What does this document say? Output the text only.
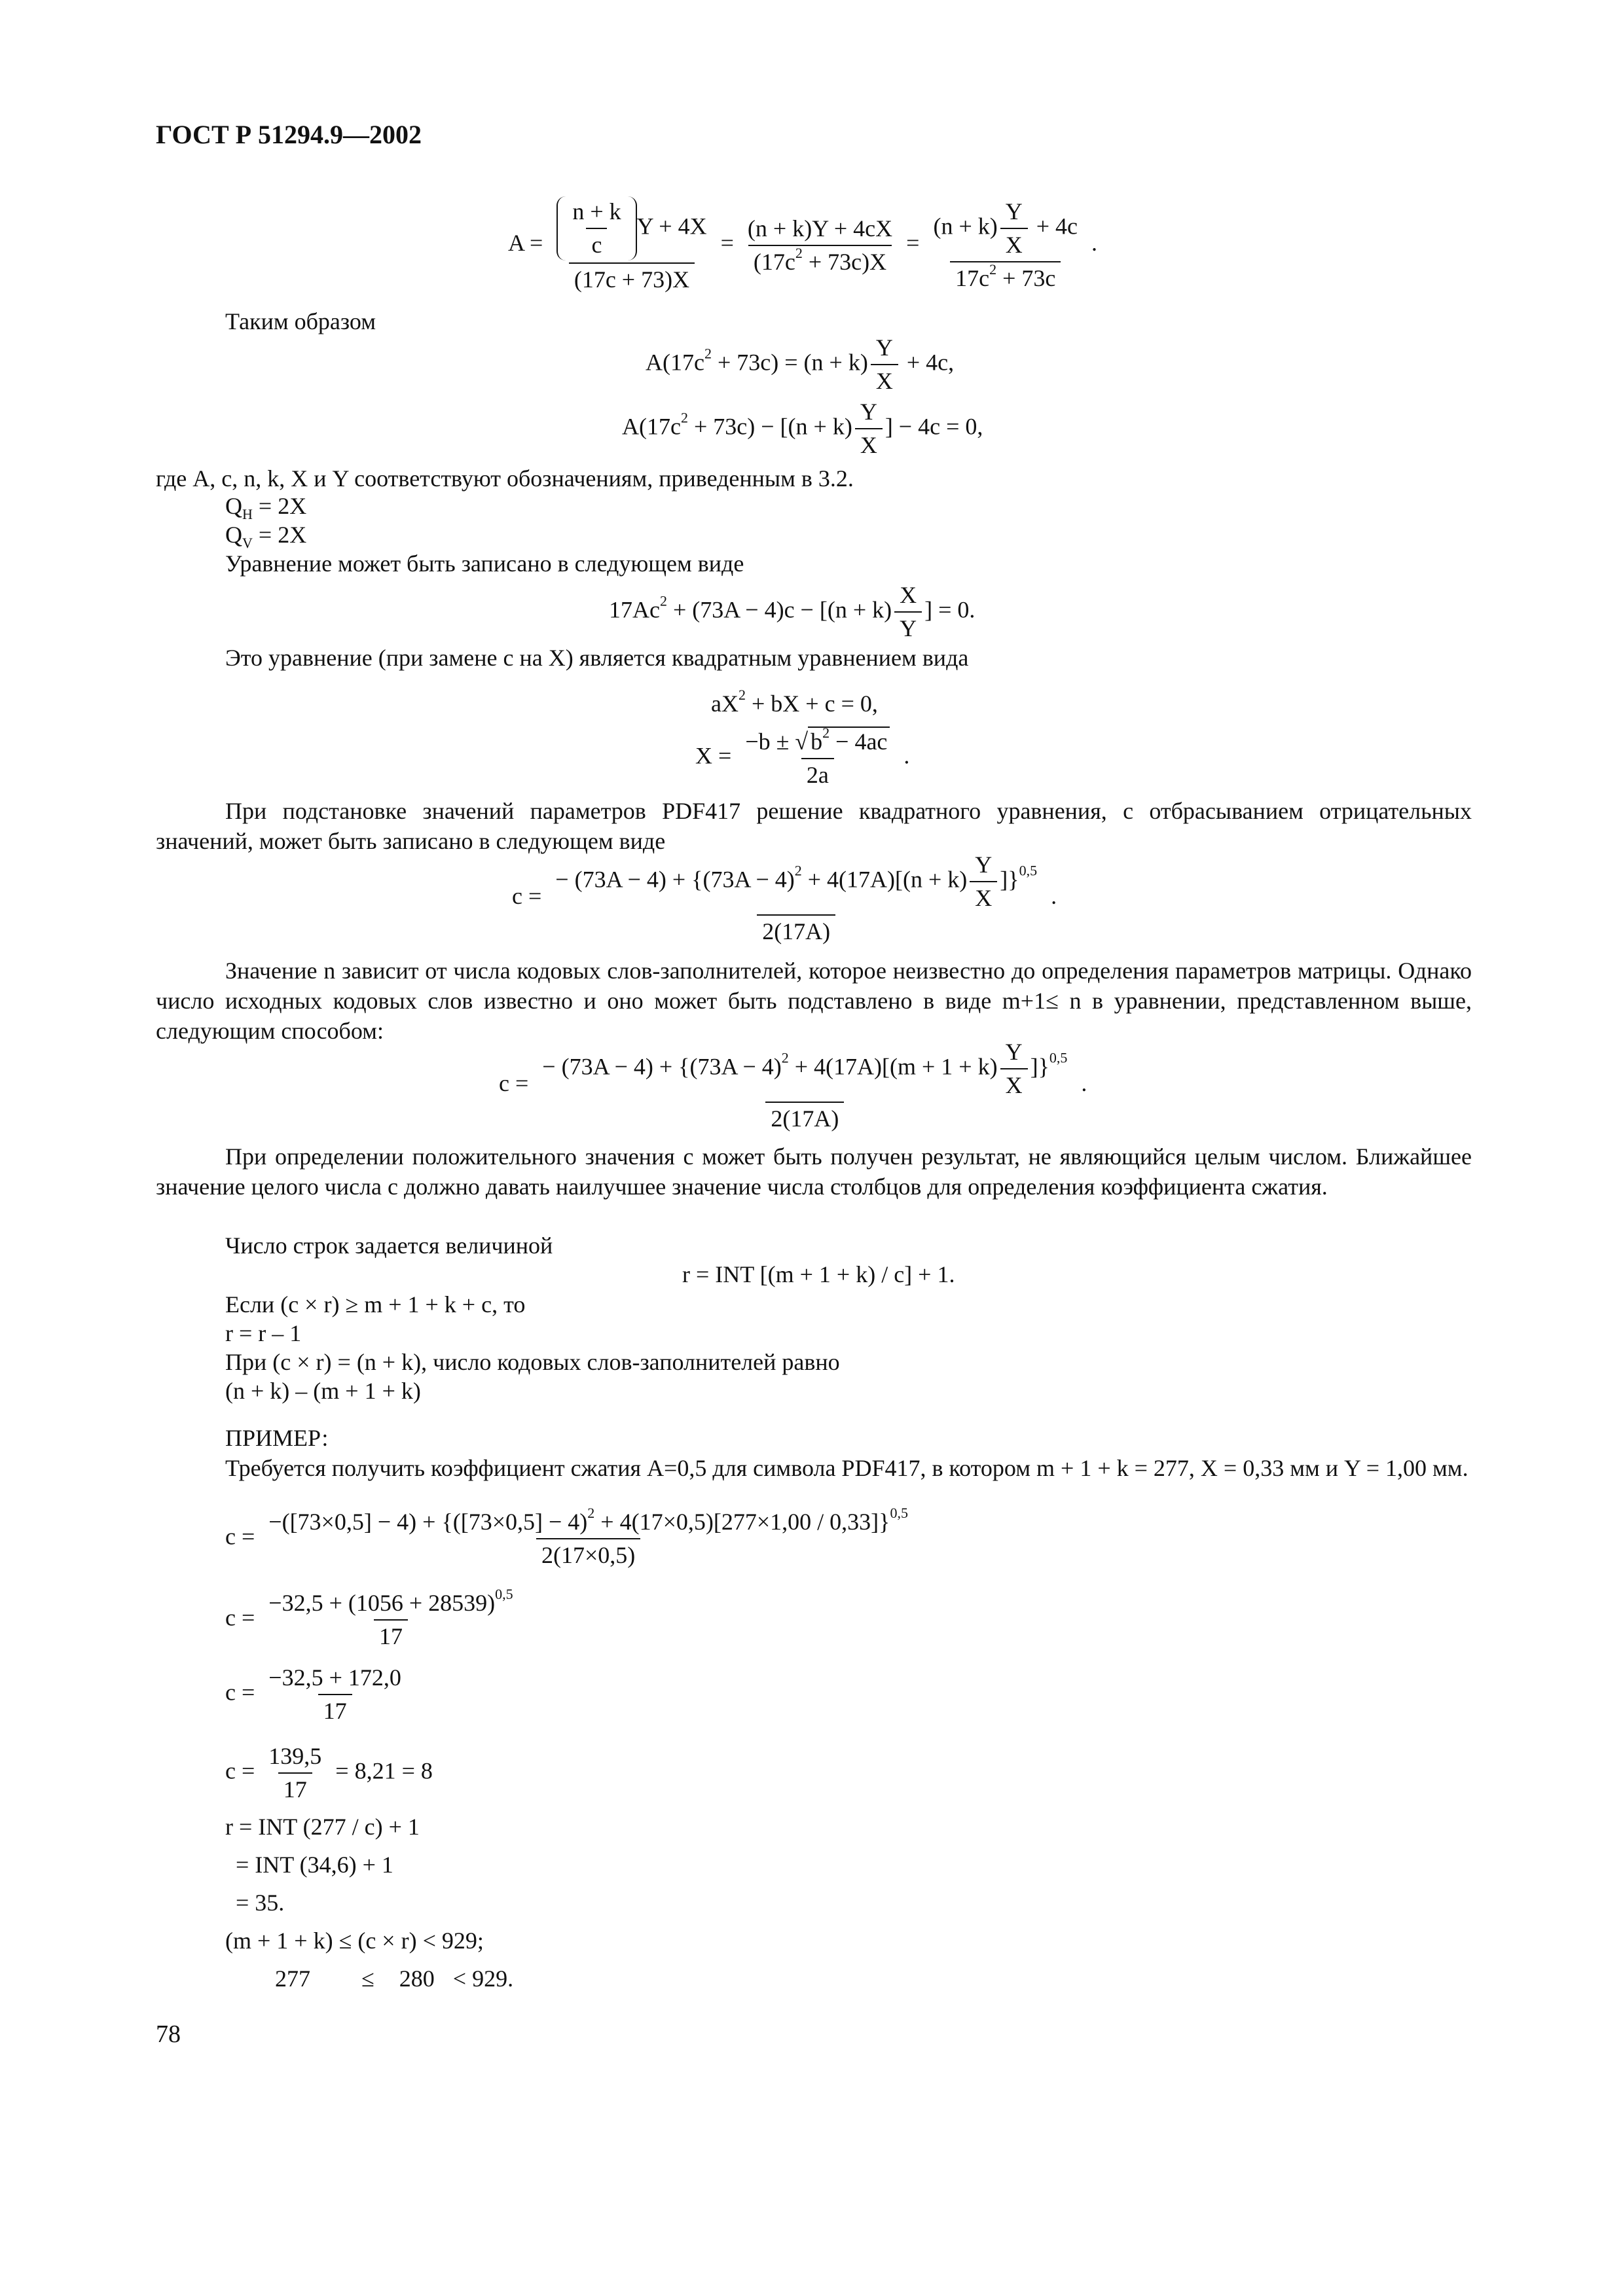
ГОСТ Р 51294.9—2002
$A = \frac{\frac{n + k}{c} Y + 4X}{(17c + 73)X} = \frac{(n + k)Y + 4cX}{(17c^2 + 73c)X} = \frac{(n + k) \frac{Y}{X} + 4c}{17c^2 + 73c}$ .
Таким образом
$A(17c^2 + 73c) = (n + k) \frac{Y}{X} + 4c$,
$A(17c^2 + 73c) - [(n + k) \frac{Y}{X}$ ] − 4c = 0,
где A, c, n, k, X и Y соответствуют обозначениям, приведенным в 3.2.
$Q_H = 2X$
$Q_V = 2X$
Уравнение может быть записано в следующем виде
$17Ac^2 + (73A - 4)c - [(n + k) \frac{X}{Y}$ ] = 0.
Это уравнение (при замене c на X) является квадратным уравнением вида
$aX^2$ + bX + c = 0,
$X = \frac{-b \pm √ b^2 - 4ac}{2a}$ .
При подстановке значений параметров PDF417 решение квадратного уравнения, с отбрасыванием отрицательных значений, может быть записано в следующем виде
$c = \frac{- (73A - 4) + \{(73A - 4)^2 + 4(17A)[(n + k) \frac{Y}{X} ]\}^{0,5}}{2(17A)}$ .
Значение n зависит от числа кодовых слов-заполнителей, которое неизвестно до определения параметров матрицы. Однако число исходных кодовых слов известно и оно может быть подставлено в виде m+1≤ n в уравнении, представленном выше, следующим способом:
$c = \frac{- (73A - 4) + \{(73A - 4)^2 + 4(17A)[(m + 1 + k) \frac{Y}{X} ]\}^{0,5}}{2(17A)}$ .
При определении положительного значения c может быть получен результат, не являющийся целым числом. Ближайшее значение целого числа c должно давать наилучшее значение числа столбцов для определения коэффициента сжатия.
Число строк задается величиной
r = INT [(m + 1 + k) / c] + 1.
Если (c × r) ≥ m + 1 + k + c, то
r = r – 1
При (c × r) = (n + k), число кодовых слов-заполнителей равно
(n + k) – (m + 1 + k)
ПРИМЕР:
Требуется получить коэффициент сжатия A=0,5 для символа PDF417, в котором m + 1 + k = 277, X = 0,33 мм и Y = 1,00 мм.
c =
$-([73\times 0,5] - 4) + \{([73\times 0,5] - 4)^2 + 4(17\times 0,5)[277\times 1,00 / 0,33]\}^{0,5}$
2(17×0,5)
$c = \frac{-32,5 + (1056 + 28539)^{0,5}}{17}$
$c = \frac{-32,5 + 172,0}{17}$
$c = \frac{139,5}{17} = 8,21 = 8$
r = INT (277 / c) + 1
= INT (34,6) + 1
= 35.
(m + 1 + k) ≤ (c × r) < 929;
277 ≤ 280 < 929.
78
